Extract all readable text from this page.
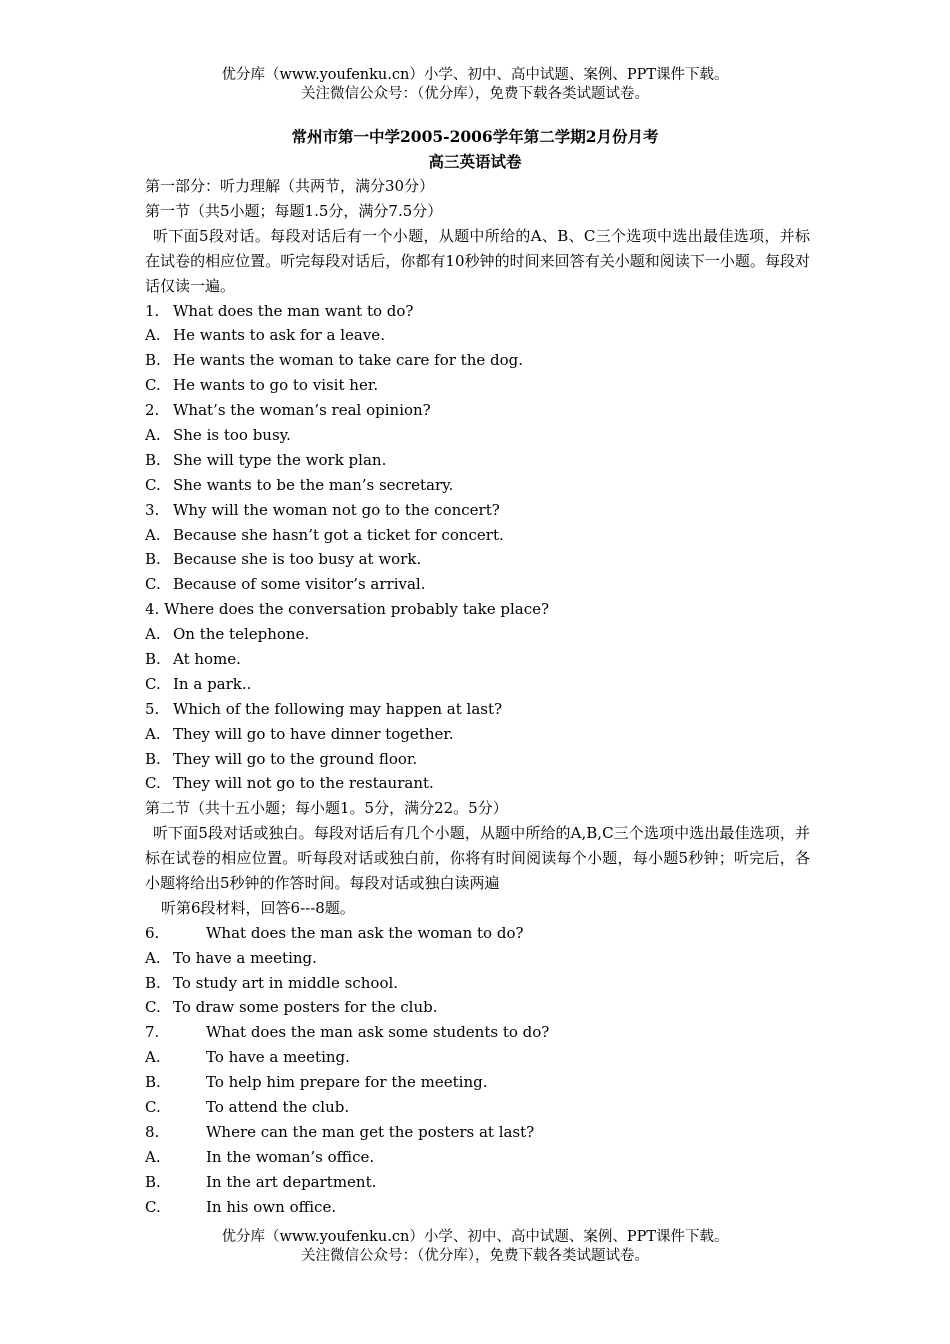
优分库（www.youfenku.cn）小学、初中、高中试题、案例、PPT课件下载。
关注微信公众号：（优分库），免费下载各类试题试卷。
常州市第一中学2005-2006学年第二学期2月份月考
高三英语试卷
第一部分：听力理解（共两节，满分30分）
第一节（共5小题；每题1.5分，满分7.5分）
听下面5段对话。每段对话后有一个小题，从题中所给的A、B、C三个选项中选出最佳选项，并标在试卷的相应位置。听完每段对话后，你都有10秒钟的时间来回答有关小题和阅读下一小题。每段对话仅读一遍。
1. What does the man want to do?
A. He wants to ask for a leave.
B. He wants the woman to take care for the dog.
C. He wants to go to visit her.
2. What’s the woman’s real opinion?
A. She is too busy.
B. She will type the work plan.
C. She wants to be the man’s secretary.
3. Why will the woman not go to the concert?
A. Because she hasn’t got a ticket for concert.
B. Because she is too busy at work.
C. Because of some visitor’s arrival.
4. Where does the conversation probably take place?
A. On the telephone.
B. At home.
C. In a park..
5. Which of the following may happen at last?
A. They will go to have dinner together.
B. They will go to the ground floor.
C. They will not go to the restaurant.
第二节（共十五小题；每小题1。5分，满分22。5分）
听下面5段对话或独白。每段对话后有几个小题，从题中所给的A,B,C三个选项中选出最佳选项，并标在试卷的相应位置。听每段对话或独白前，你将有时间阅读每个小题，每小题5秒钟；听完后，各小题将给出5秒钟的作答时间。每段对话或独白读两遍
听第6段材料，回答6---8题。
6.	What does the man ask the woman to do?
A. To have a meeting.
B. To study art in middle school.
C. To draw some posters for the club.
7.	What does the man ask some students to do?
A.	To have a meeting.
B.	To help him prepare for the meeting.
C.	To attend the club.
8.	Where can the man get the posters at last?
A.	In the woman’s office.
B.	In the art department.
C.	In his own office.
优分库（www.youfenku.cn）小学、初中、高中试题、案例、PPT课件下载。
关注微信公众号：（优分库），免费下载各类试题试卷。
